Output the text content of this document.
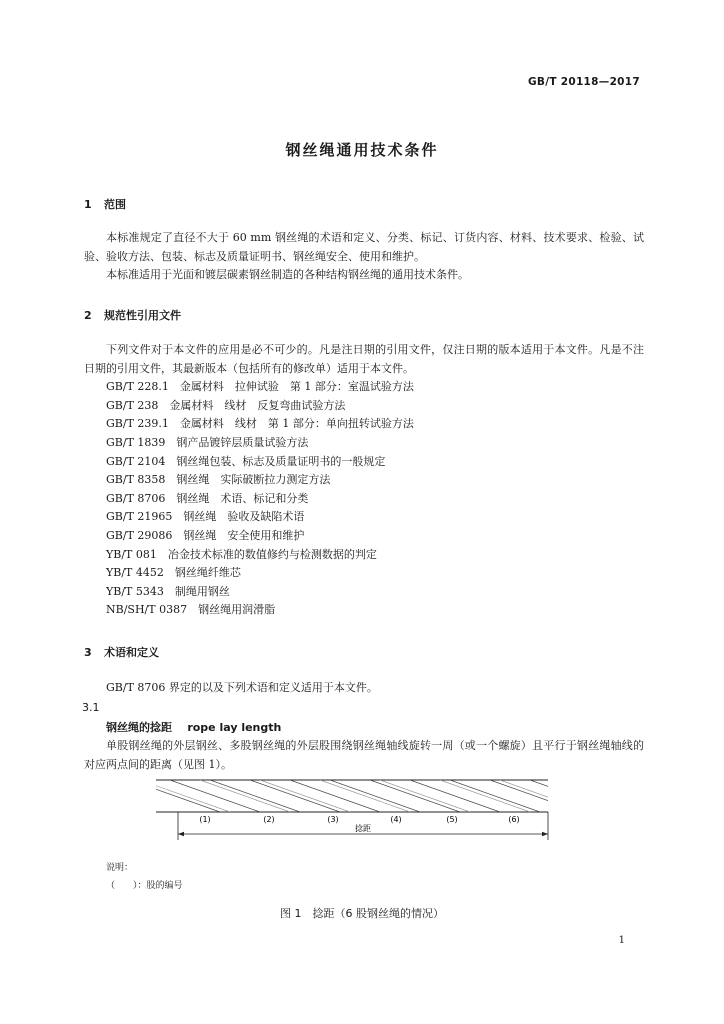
GB/T 20118—2017
钢丝绳通用技术条件
1 范围
本标准规定了直径不大于 60 mm 钢丝绳的术语和定义、分类、标记、订货内容、材料、技术要求、检验、试验、验收方法、包装、标志及质量证明书、钢丝绳安全、使用和维护。
本标准适用于光面和镀层碳素钢丝制造的各种结构钢丝绳的通用技术条件。
2 规范性引用文件
下列文件对于本文件的应用是必不可少的。凡是注日期的引用文件，仅注日期的版本适用于本文件。凡是不注日期的引用文件，其最新版本（包括所有的修改单）适用于本文件。
GB/T 228.1　金属材料　拉伸试验　第 1 部分：室温试验方法
GB/T 238　金属材料　线材　反复弯曲试验方法
GB/T 239.1　金属材料　线材　第 1 部分：单向扭转试验方法
GB/T 1839　钢产品镀锌层质量试验方法
GB/T 2104　钢丝绳包装、标志及质量证明书的一般规定
GB/T 8358　钢丝绳　实际破断拉力测定方法
GB/T 8706　钢丝绳　术语、标记和分类
GB/T 21965　钢丝绳　验收及缺陷术语
GB/T 29086　钢丝绳　安全使用和维护
YB/T 081　冶金技术标准的数值修约与检测数据的判定
YB/T 4452　钢丝绳纤维芯
YB/T 5343　制绳用钢丝
NB/SH/T 0387　钢丝绳用润滑脂
3 术语和定义
GB/T 8706 界定的以及下列术语和定义适用于本文件。
3.1
钢丝绳的捻距 rope lay length
单股钢丝绳的外层钢丝、多股钢丝绳的外层股围绕钢丝绳轴线旋转一周（或一个螺旋）且平行于钢丝绳轴线的对应两点间的距离（见图 1）。
(1)	(2)	(3)	(4)	(5)	(6)
捻距
说明：
（　　）：股的编号
图 1　捻距（6 股钢丝绳的情况）
1
